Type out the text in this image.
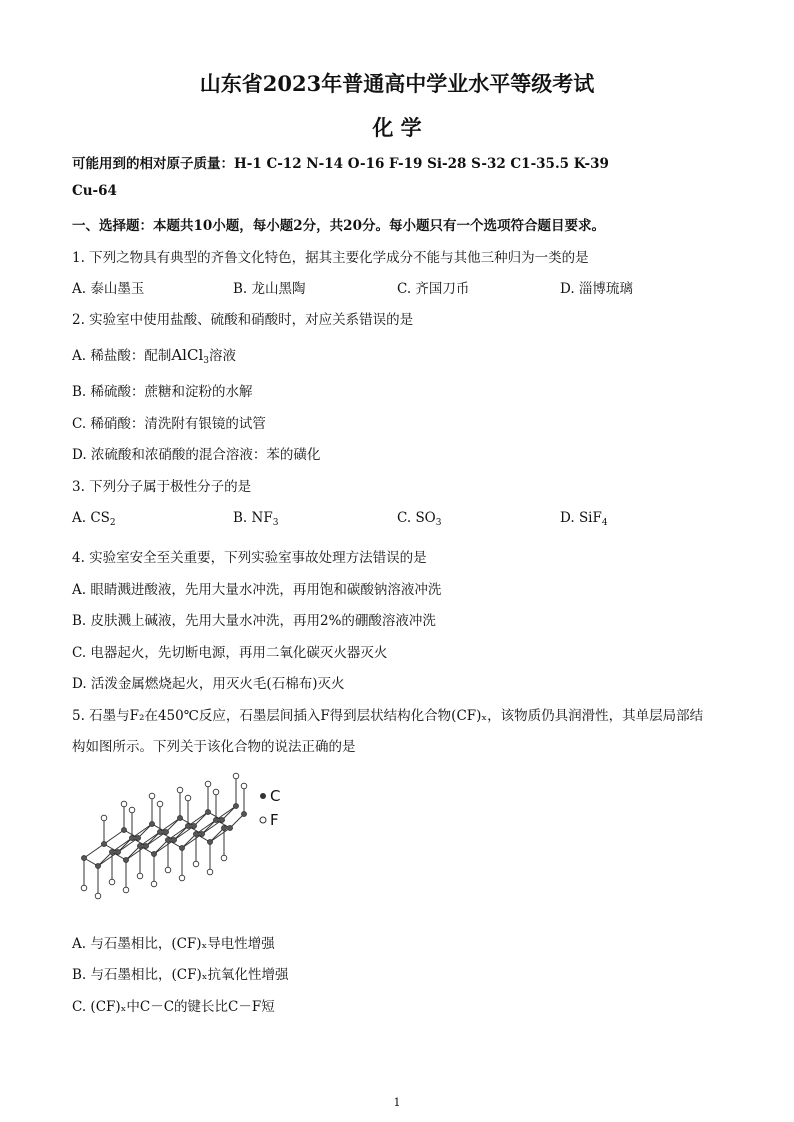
山东省2023年普通高中学业水平等级考试
化 学
可能用到的相对原子质量：H-1 C-12 N-14 O-16 F-19 Si-28 S-32 C1-35.5 K-39
Cu-64
一、选择题：本题共10小题，每小题2分，共20分。每小题只有一个选项符合题目要求。
1. 下列之物具有典型的齐鲁文化特色，据其主要化学成分不能与其他三种归为一类的是
A. 泰山墨玉	B. 龙山黑陶	C. 齐国刀币	D. 淄博琉璃
2. 实验室中使用盐酸、硫酸和硝酸时，对应关系错误的是
A. 稀盐酸：配制AlCl$_3$溶液
B. 稀硫酸：蔗糖和淀粉的水解
C. 稀硝酸：清洗附有银镜的试管
D. 浓硫酸和浓硝酸的混合溶液：苯的磺化
3. 下列分子属于极性分子的是
A. $CS_2$	B. $NF_3$	C. $SO_3$	D. SiF$_4$
4. 实验室安全至关重要，下列实验室事故处理方法错误的是
A. 眼睛溅进酸液，先用大量水冲洗，再用饱和碳酸钠溶液冲洗
B. 皮肤溅上碱液，先用大量水冲洗，再用2%的硼酸溶液冲洗
C. 电器起火，先切断电源，再用二氧化碳灭火器灭火
D. 活泼金属燃烧起火，用灭火毛(石棉布)灭火
5. 石墨与F₂在450℃反应，石墨层间插入F得到层状结构化合物(CF)ₓ，该物质仍具润滑性，其单层局部结
构如图所示。下列关于该化合物的说法正确的是
C
F
A. 与石墨相比，(CF)ₓ导电性增强
B. 与石墨相比，(CF)ₓ抗氧化性增强
C. (CF)ₓ中C－C的键长比C－F短
1
